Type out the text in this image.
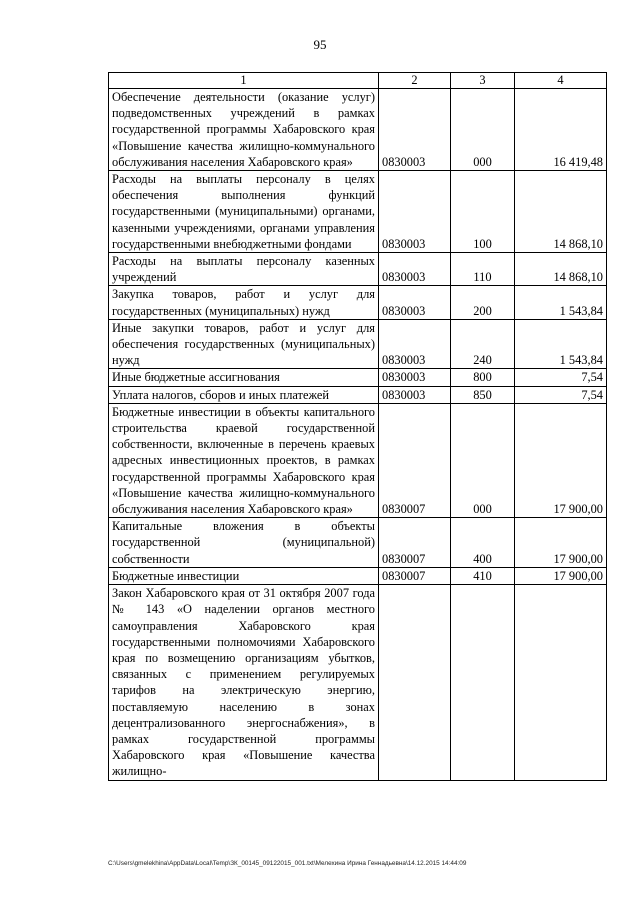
95
1	2	3	4
Обеспечение деятельности (оказание услуг) подведомственных учреждений в рамках государственной программы Хабаровского края «Повышение качества жилищно-коммунального обслуживания населения Хабаровского края»	0830003	000	16 419,48
Расходы на выплаты персоналу в целях обеспечения выполнения функций государственными (муниципальными) органами, казенными учреждениями, органами управления государственными внебюджетными фондами	0830003	100	14 868,10
Расходы на выплаты персоналу казенных учреждений	0830003	110	14 868,10
Закупка товаров, работ и услуг для государственных (муниципальных) нужд	0830003	200	1 543,84
Иные закупки товаров, работ и услуг для обеспечения государственных (муниципальных) нужд	0830003	240	1 543,84
Иные бюджетные ассигнования	0830003	800	7,54
Уплата налогов, сборов и иных платежей	0830003	850	7,54
Бюджетные инвестиции в объекты капитального строительства краевой государственной собственности, включенные в перечень краевых адресных инвестиционных проектов, в рамках государственной программы Хабаровского края «Повышение качества жилищно-коммунального обслуживания населения Хабаровского края»	0830007	000	17 900,00
Капитальные вложения в объекты государственной (муниципальной) собственности	0830007	400	17 900,00
Бюджетные инвестиции	0830007	410	17 900,00
Закон Хабаровского края от 31 октября 2007 года № 143 «О наделении органов местного самоуправления Хабаровского края государственными полномочиями Хабаровского края по возмещению организациям убытков, связанных с применением регулируемых тарифов на электрическую энергию, поставляемую населению в зонах децентрализованного энергоснабжения», в рамках государственной программы Хабаровского края «Повышение качества жилищно-			
C:\Users\gmelekhina\AppData\Local\Temp\ЗК_00145_09122015_001.txt\Мелехина Ирина Геннадьевна\14.12.2015 14:44:09
